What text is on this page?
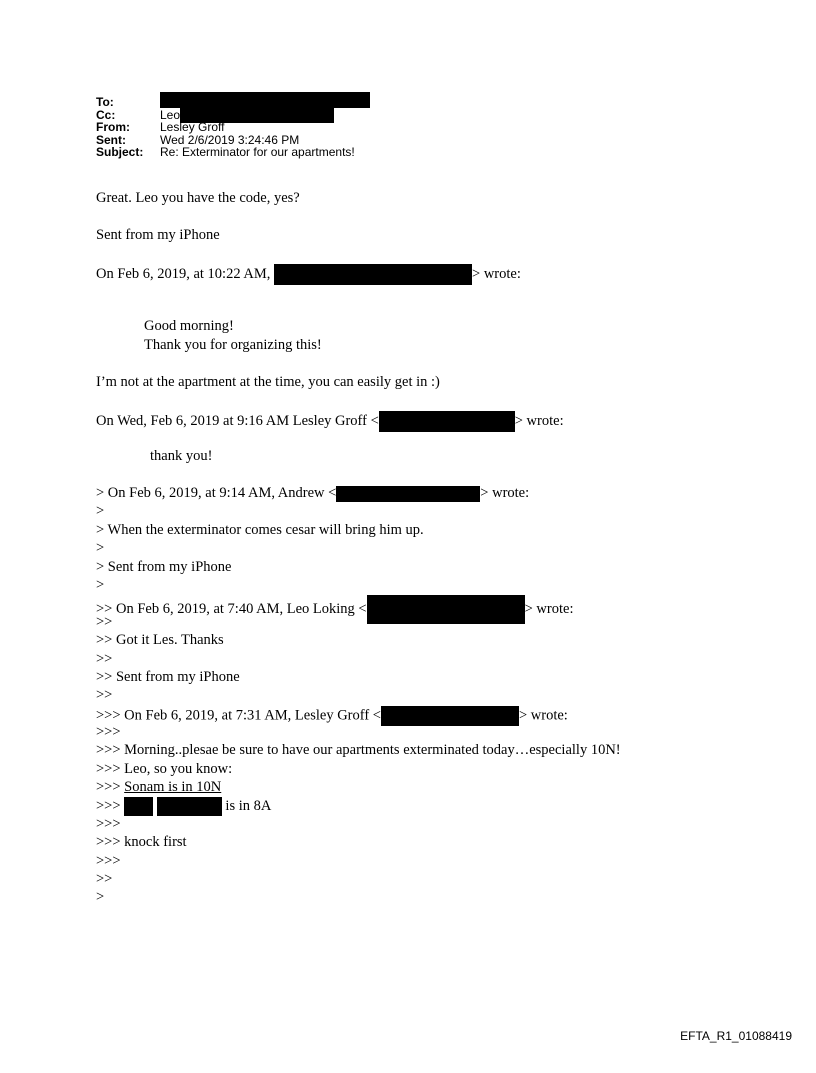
To:
Cc:	Leo
From:	Lesley Groff
Sent:	Wed 2/6/2019 3:24:46 PM
Subject: Re: Exterminator for our apartments!
Great. Leo you have the code, yes?
Sent from my iPhone
On Feb 6, 2019, at 10:22 AM,	> wrote:
Good morning!
Thank you for organizing this!
I’m not at the apartment at the time, you can easily get in :)
On Wed, Feb 6, 2019 at 9:16 AM Lesley Groff <	> wrote:
thank you!
> On Feb 6, 2019, at 9:14 AM, Andrew <	> wrote:
>
> When the exterminator comes cesar will bring him up.
>
> Sent from my iPhone
>
>> On Feb 6, 2019, at 7:40 AM, Leo Loking <	> wrote:
>>
>> Got it Les. Thanks
>>
>> Sent from my iPhone
>>
>>> On Feb 6, 2019, at 7:31 AM, Lesley Groff <	> wrote:
>>>
>>> Morning..plesae be sure to have our apartments exterminated today…especially 10N!
>>> Leo, so you know:
>>> Sonam is in 10N
>>>	is in 8A
>>>
>>> knock first
>>>
>>
>
EFTA_R1_01088419
